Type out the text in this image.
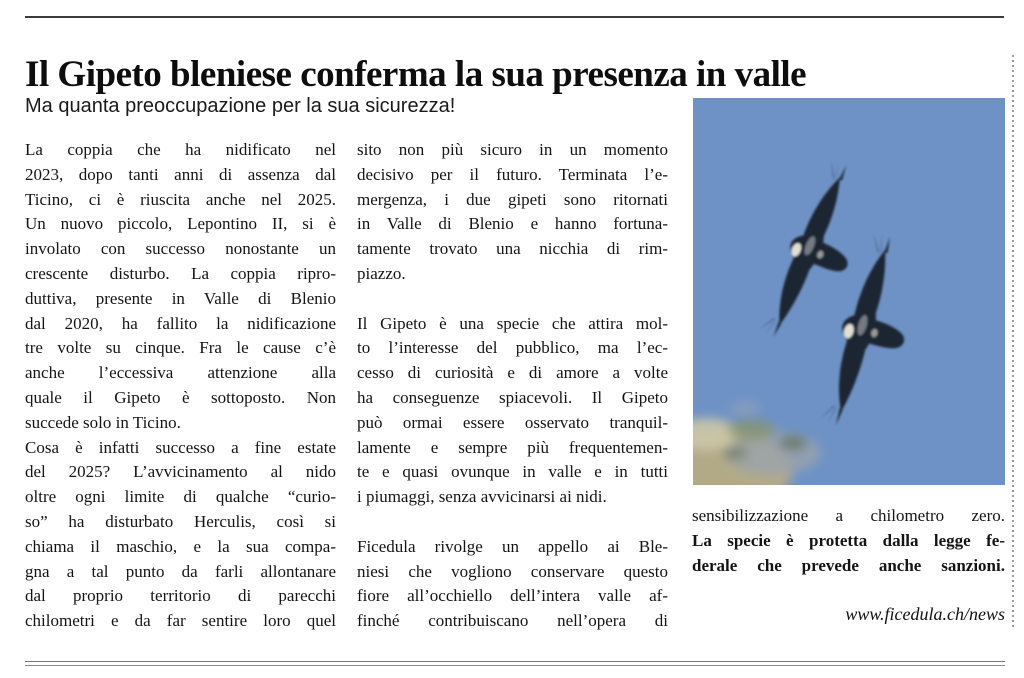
Il Gipeto bleniese conferma la sua presenza in valle
Ma quanta preoccupazione per la sua sicurezza!
La coppia che ha nidificato nel
2023, dopo tanti anni di assenza dal
Ticino, ci è riuscita anche nel 2025.
Un nuovo piccolo, Lepontino II, si è
involato con successo nonostante un
crescente disturbo. La coppia ripro-
duttiva, presente in Valle di Blenio
dal 2020, ha fallito la nidificazione
tre volte su cinque. Fra le cause c’è
anche l’eccessiva attenzione alla
quale il Gipeto è sottoposto. Non
succede solo in Ticino.
Cosa è infatti successo a fine estate
del 2025? L’avvicinamento al nido
oltre ogni limite di qualche “curio-
so” ha disturbato Herculis, così si
chiama il maschio, e la sua compa-
gna a tal punto da farli allontanare
dal proprio territorio di parecchi
chilometri e da far sentire loro quel
sito non più sicuro in un momento
decisivo per il futuro. Terminata l’e-
mergenza, i due gipeti sono ritornati
in Valle di Blenio e hanno fortuna-
tamente trovato una nicchia di rim-
piazzo.
Il Gipeto è una specie che attira mol-
to l’interesse del pubblico, ma l’ec-
cesso di curiosità e di amore a volte
ha conseguenze spiacevoli. Il Gipeto
può ormai essere osservato tranquil-
lamente e sempre più frequentemen-
te e quasi ovunque in valle e in tutti
i piumaggi, senza avvicinarsi ai nidi.
Ficedula rivolge un appello ai Ble-
niesi che vogliono conservare questo
fiore all’occhiello dell’intera valle af-
finché contribuiscano nell’opera di
sensibilizzazione a chilometro zero.
La specie è protetta dalla legge fe-
derale che prevede anche sanzioni.
www.ficedula.ch/news
